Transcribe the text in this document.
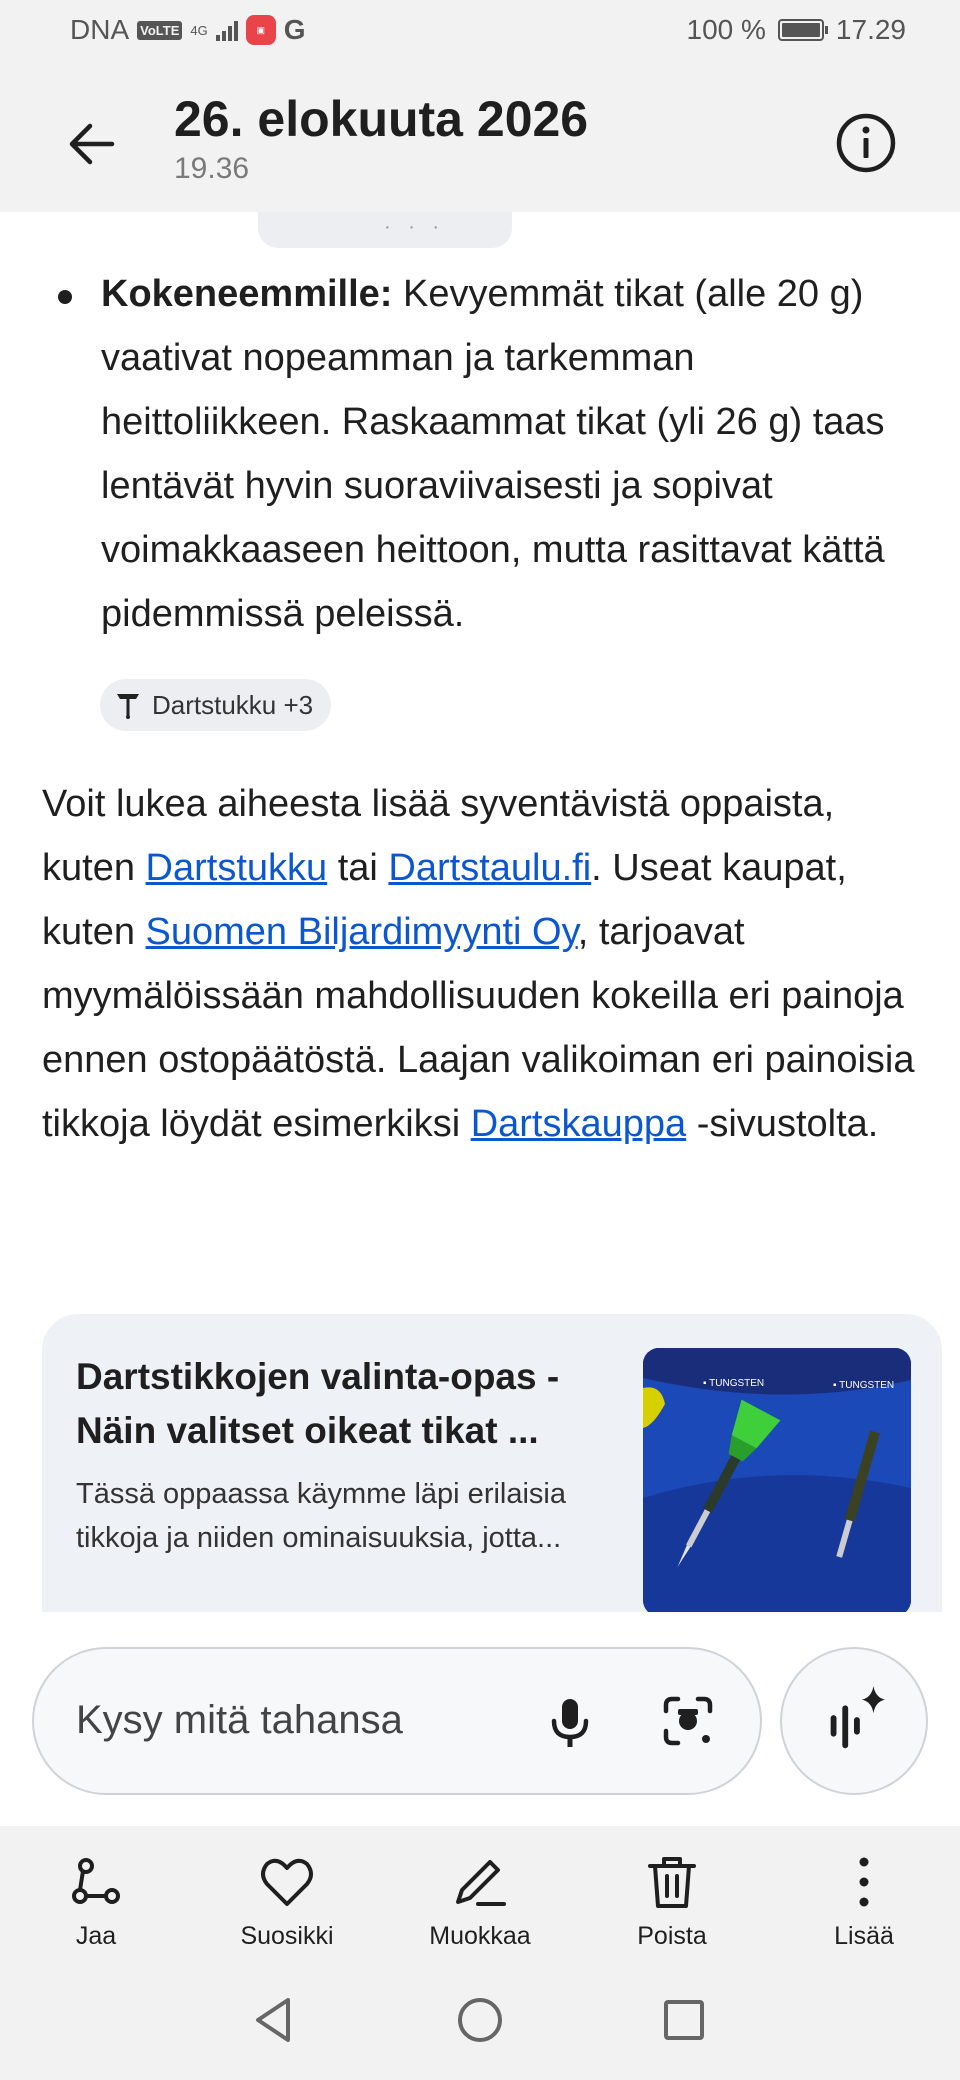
DNA VoLTE 4G	▣ G	100 %	17.29
26. elokuuta 2026
19.36
· · ·

Kokeneemmille: Kevyemmät tikat (alle 20 g) vaativat nopeamman ja tarkemman heittoliikkeen. Raskaammat tikat (yli 26 g) taas lentävät hyvin suoraviivaisesti ja sopivat voimakkaaseen heittoon, mutta rasittavat kättä pidemmissä peleissä.

Dartstukku +3

Voit lukea aiheesta lisää syventävistä oppaista, kuten Dartstukku tai Dartstaulu.fi. Useat kaupat, kuten Suomen Biljardimyynti Oy, tarjoavat myymälöissään mahdollisuuden kokeilla eri painoja ennen ostopäätöstä. Laajan valikoiman eri painoisia tikkoja löydät esimerkiksi Dartskauppa -sivustolta.

Dartstikkojen valinta-opas - Näin valitset oikeat tikat ...

Tässä oppaassa käymme läpi erilaisia tikkoja ja niiden ominaisuuksia, jotta...

▪ TUNGSTEN	▪ TUNGSTEN
Kysy mitä tahansa
Jaa	Suosikki	Muokkaa	Poista	Lisää
